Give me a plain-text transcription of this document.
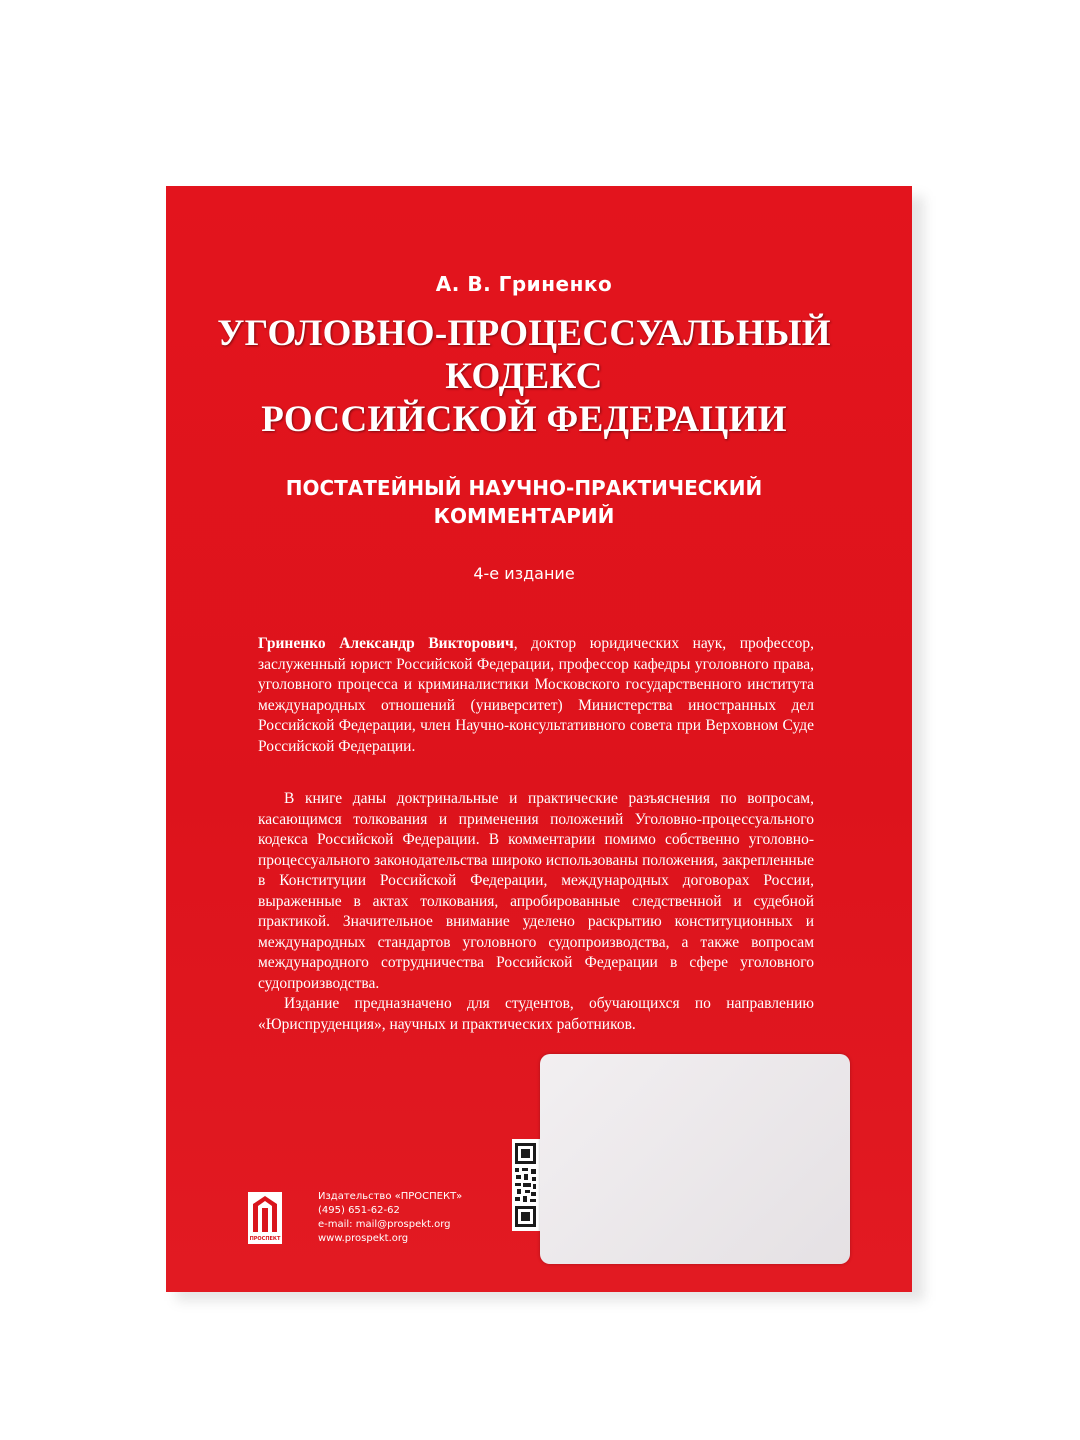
А. В. Гриненко
УГОЛОВНО-ПРОЦЕССУАЛЬНЫЙ
КОДЕКС
РОССИЙСКОЙ ФЕДЕРАЦИИ
ПОСТАТЕЙНЫЙ НАУЧНО-ПРАКТИЧЕСКИЙ
КОММЕНТАРИЙ
4-е издание
Гриненко Александр Викторович, доктор юридических наук, профессор, заслуженный юрист Российской Федерации, профессор кафедры уголовного права, уголовного процесса и криминалистики Московского государственного института международных отношений (университет) Министерства иностранных дел Российской Федерации, член Научно-консультативного совета при Верховном Суде Российской Федерации.

В книге даны доктринальные и практические разъяснения по вопросам, касающимся толкования и применения положений Уголовно-процессуального кодекса Российской Федерации. В комментарии помимо собственно уголовно-процессуального законодательства широко использованы положения, закрепленные в Конституции Российской Федерации, международных договорах России, выраженные в актах толкования, апробированные следственной и судебной практикой. Значительное внимание уделено раскрытию конституционных и международных стандартов уголовного судопроизводства, а также вопросам международного сотрудничества Российской Федерации в сфере уголовного судопроизводства.

Издание предназначено для студентов, обучающихся по направлению «Юриспруденция», научных и практических работников.

ПРОСПЕКТ
Издательство «ПРОСПЕКТ»
(495) 651-62-62
e-mail: mail@prospekt.org
www.prospekt.org
